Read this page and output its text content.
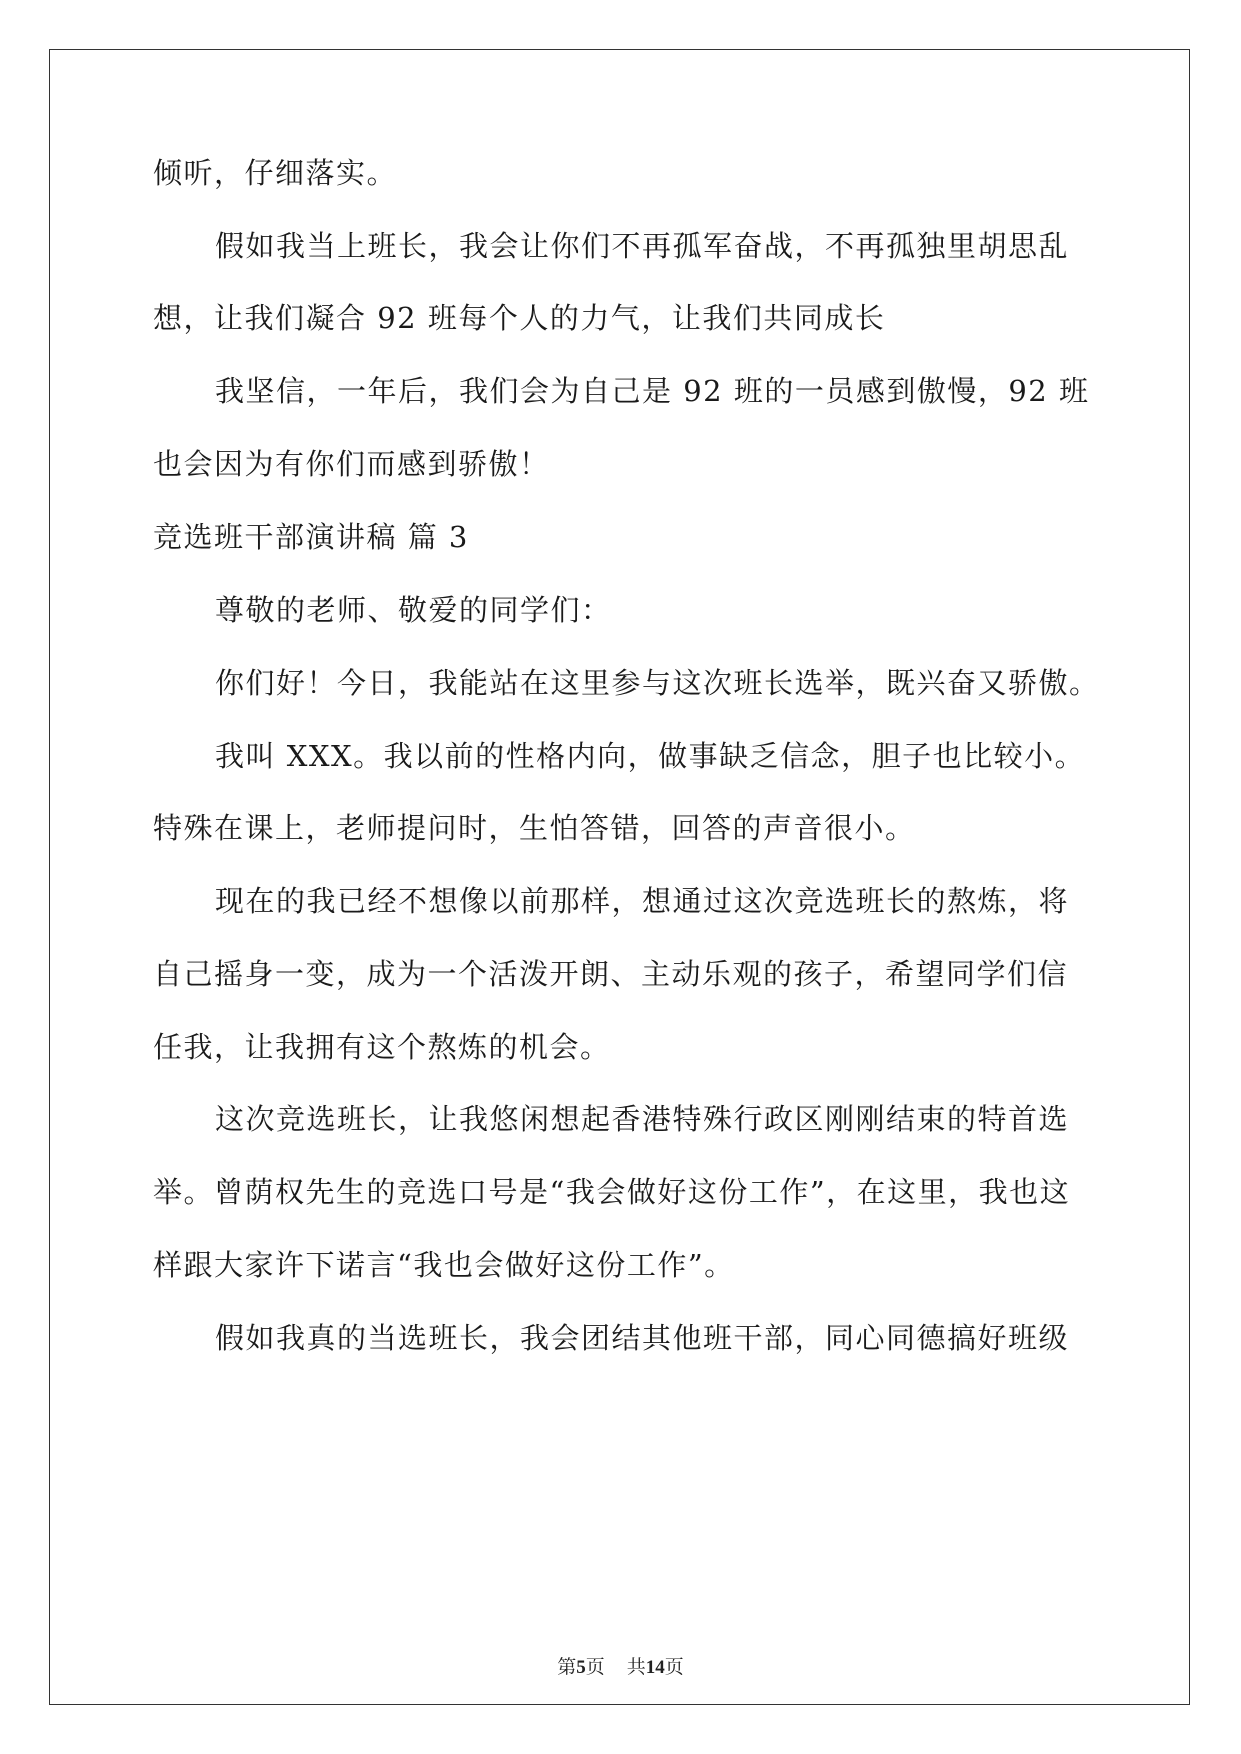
倾听，仔细落实。
假如我当上班长，我会让你们不再孤军奋战，不再孤独里胡思乱
想，让我们凝合 92 班每个人的力气，让我们共同成长
我坚信，一年后，我们会为自己是 92 班的一员感到傲慢，92 班
也会因为有你们而感到骄傲！
竞选班干部演讲稿 篇 3
尊敬的老师、敬爱的同学们：
你们好！今日，我能站在这里参与这次班长选举，既兴奋又骄傲。
我叫 XXX。我以前的性格内向，做事缺乏信念，胆子也比较小。
特殊在课上，老师提问时，生怕答错，回答的声音很小。
现在的我已经不想像以前那样，想通过这次竞选班长的熬炼，将
自己摇身一变，成为一个活泼开朗、主动乐观的孩子，希望同学们信
任我，让我拥有这个熬炼的机会。
这次竞选班长，让我悠闲想起香港特殊行政区刚刚结束的特首选
举。曾荫权先生的竞选口号是“我会做好这份工作”，在这里，我也这
样跟大家许下诺言“我也会做好这份工作”。
假如我真的当选班长，我会团结其他班干部，同心同德搞好班级
第5页 共14页
